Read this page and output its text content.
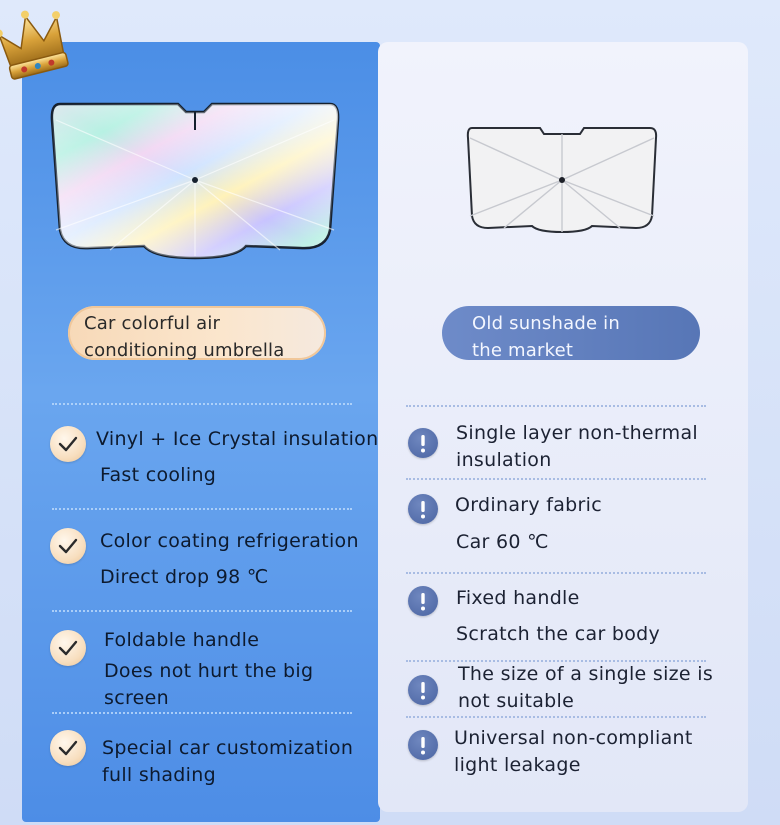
Car colorful air
conditioning umbrella
Old sunshade in
the market
Vinyl + Ice Crystal insulation
Fast cooling
Color coating refrigeration
Direct drop 98 ℃
Foldable handle
Does not hurt the big
screen
Special car customization
full shading
Single layer non-thermal
insulation
Ordinary fabric
Car 60 ℃
Fixed handle
Scratch the car body
The size of a single size is
not suitable
Universal non-compliant
light leakage
